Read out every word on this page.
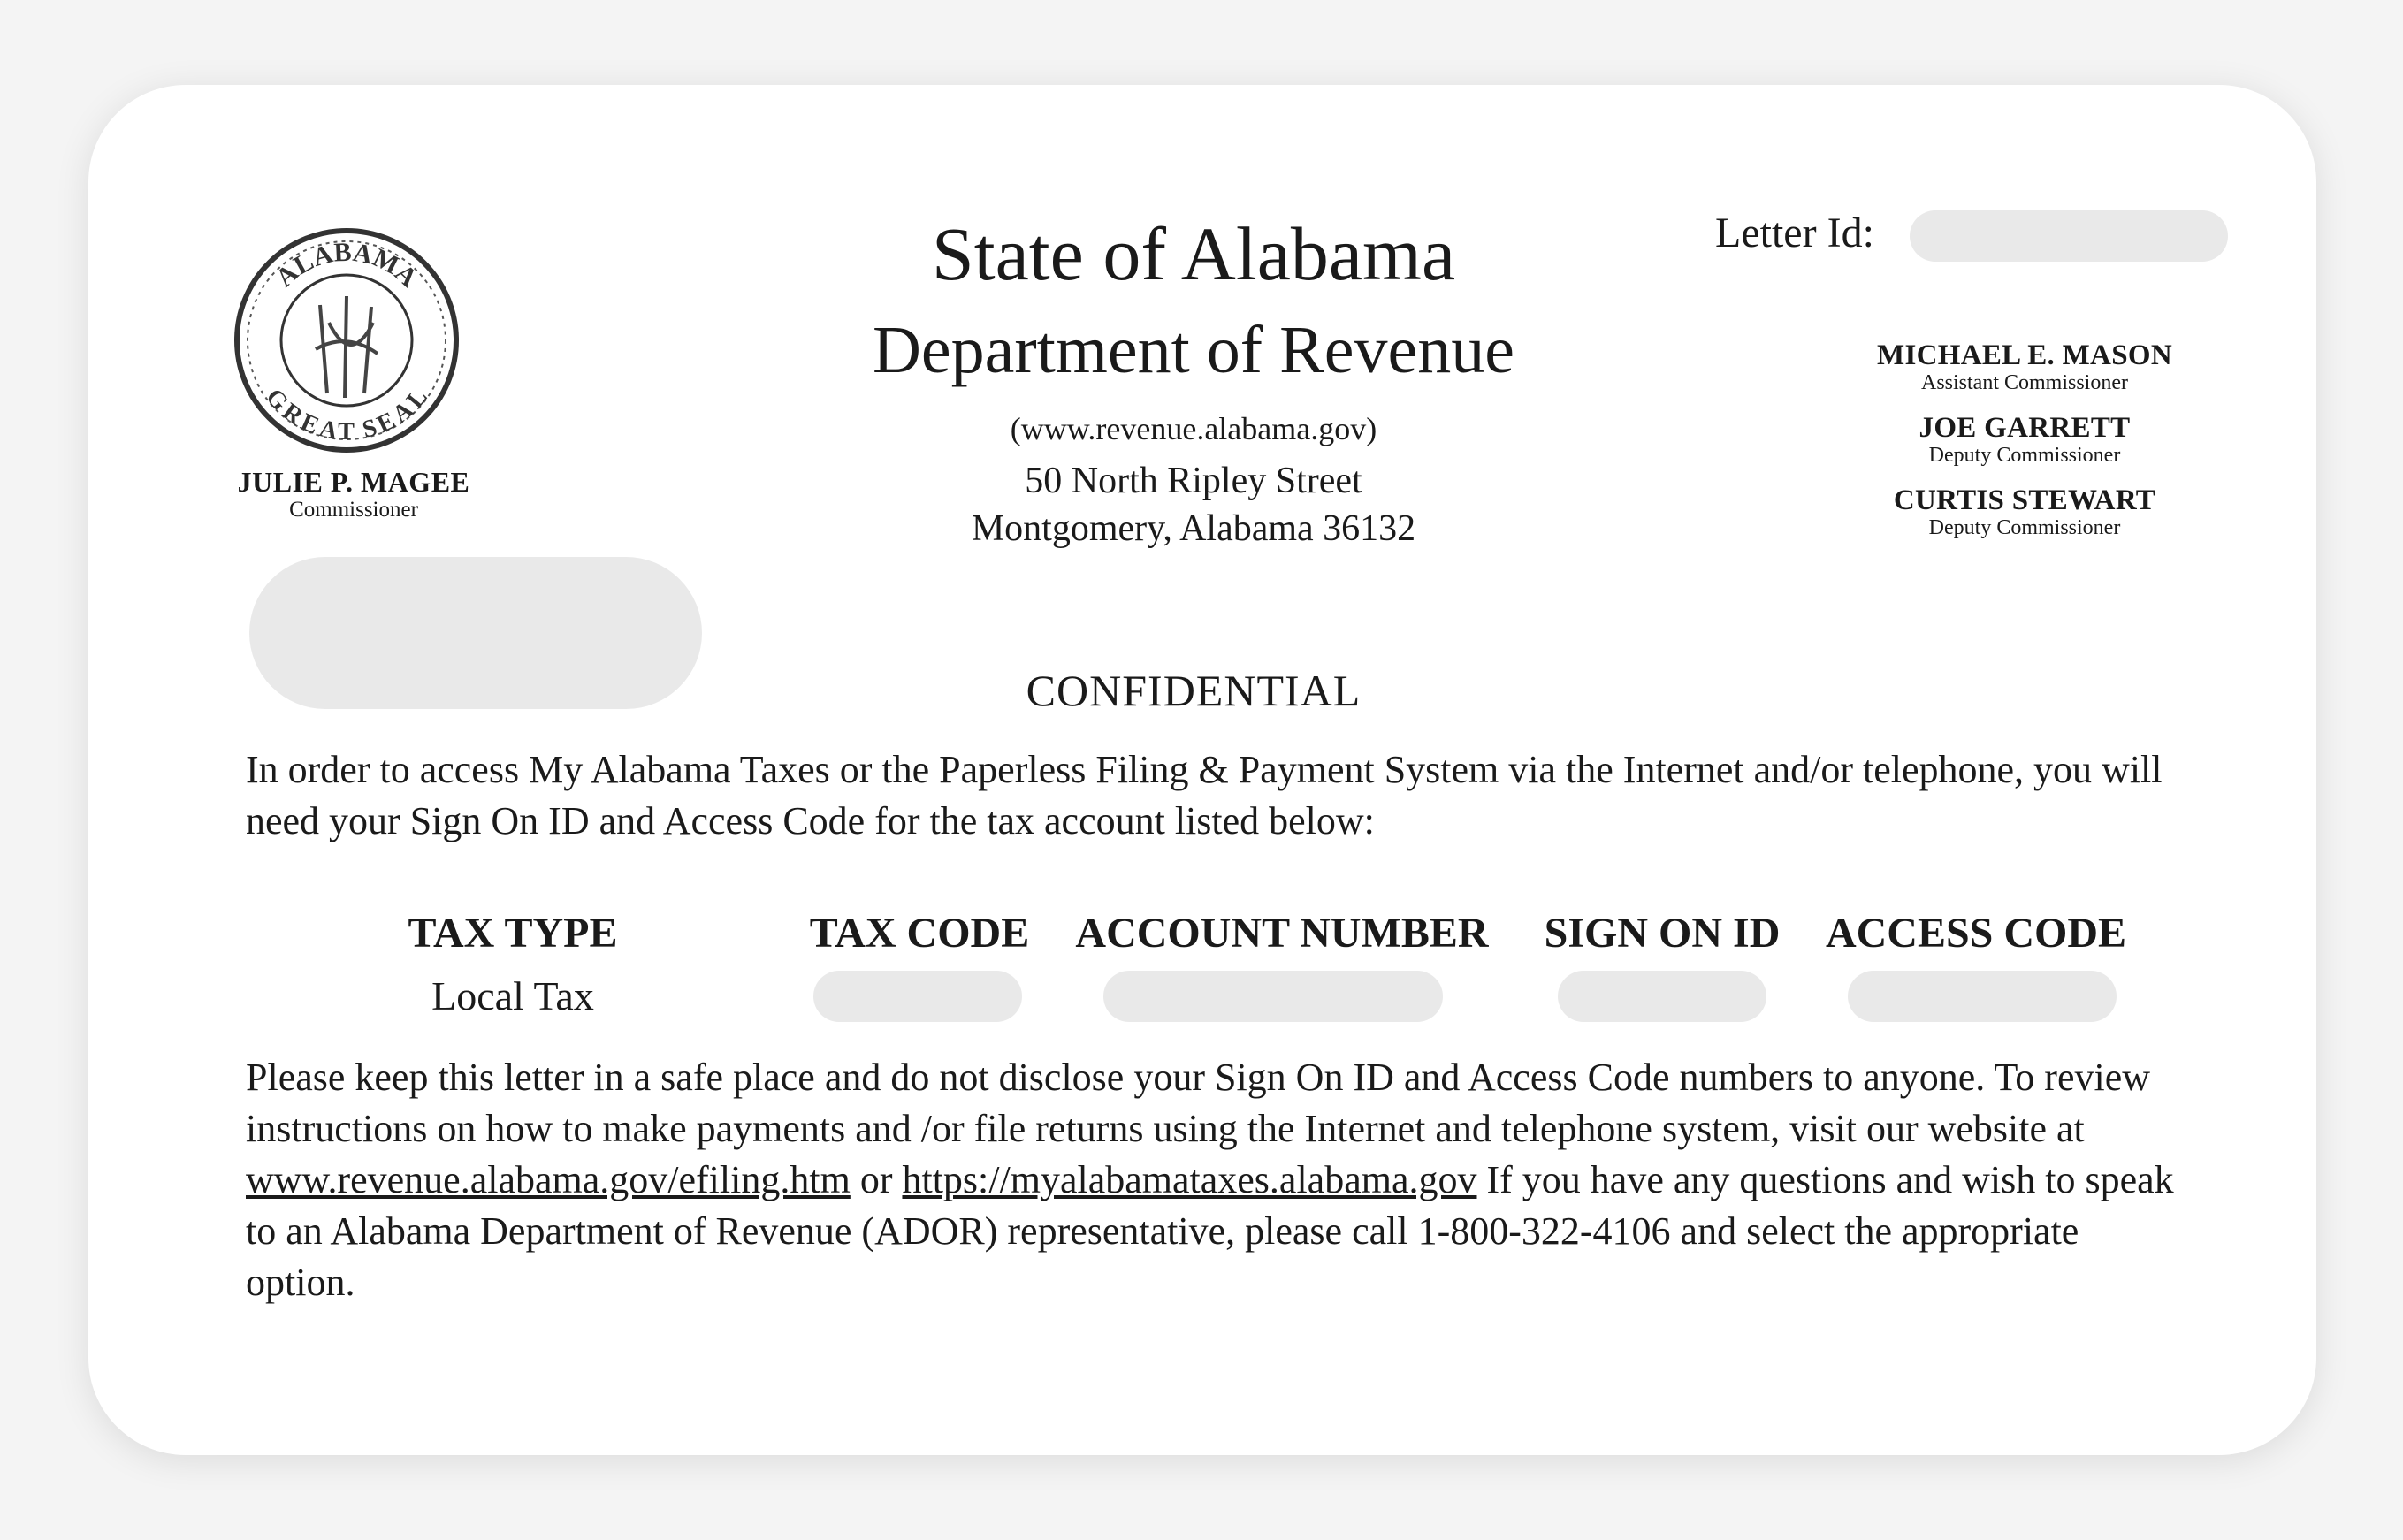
ALABAMA
GREAT SEAL
JULIE P. MAGEE
Commissioner
State of Alabama
Department of Revenue
(www.revenue.alabama.gov)
50 North Ripley Street
Montgomery, Alabama 36132
Letter Id:
MICHAEL E. MASON
Assistant Commissioner
JOE GARRETT
Deputy Commissioner
CURTIS STEWART
Deputy Commissioner
CONFIDENTIAL
In order to access My Alabama Taxes or the Paperless Filing & Payment System via the Internet and/or telephone, you will need your Sign On ID and Access Code for the tax account listed below:
TAX TYPE	TAX CODE	ACCOUNT NUMBER	SIGN ON ID	ACCESS CODE
Local Tax
Please keep this letter in a safe place and do not disclose your Sign On ID and Access Code numbers to anyone. To review instructions on how to make payments and /or file returns using the Internet and telephone system, visit our website at www.revenue.alabama.gov/efiling.htm or https://myalabamataxes.alabama.gov If you have any questions and wish to speak to an Alabama Department of Revenue (ADOR) representative, please call 1-800-322-4106 and select the appropriate option.
